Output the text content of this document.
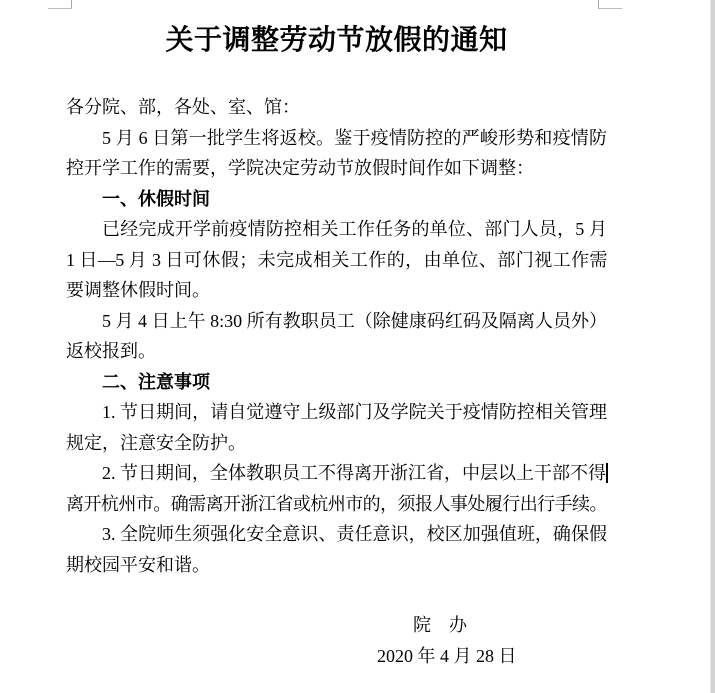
关于调整劳动节放假的通知
各分院、部，各处、室、馆：
5 月 6 日第一批学生将返校。鉴于疫情防控的严峻形势和疫情防
控开学工作的需要，学院决定劳动节放假时间作如下调整：
一、休假时间
已经完成开学前疫情防控相关工作任务的单位、部门人员，5 月
1 日—5 月 3 日可休假；未完成相关工作的，由单位、部门视工作需
要调整休假时间。
5 月 4 日上午 8:30 所有教职员工（除健康码红码及隔离人员外）
返校报到。
二、注意事项
1. 节日期间，请自觉遵守上级部门及学院关于疫情防控相关管理
规定，注意安全防护。
2. 节日期间，全体教职员工不得离开浙江省，中层以上干部不得
离开杭州市。确需离开浙江省或杭州市的，须报人事处履行出行手续。
3. 全院师生须强化安全意识、责任意识，校区加强值班，确保假
期校园平安和谐。
院　办
2020 年 4 月 28 日
